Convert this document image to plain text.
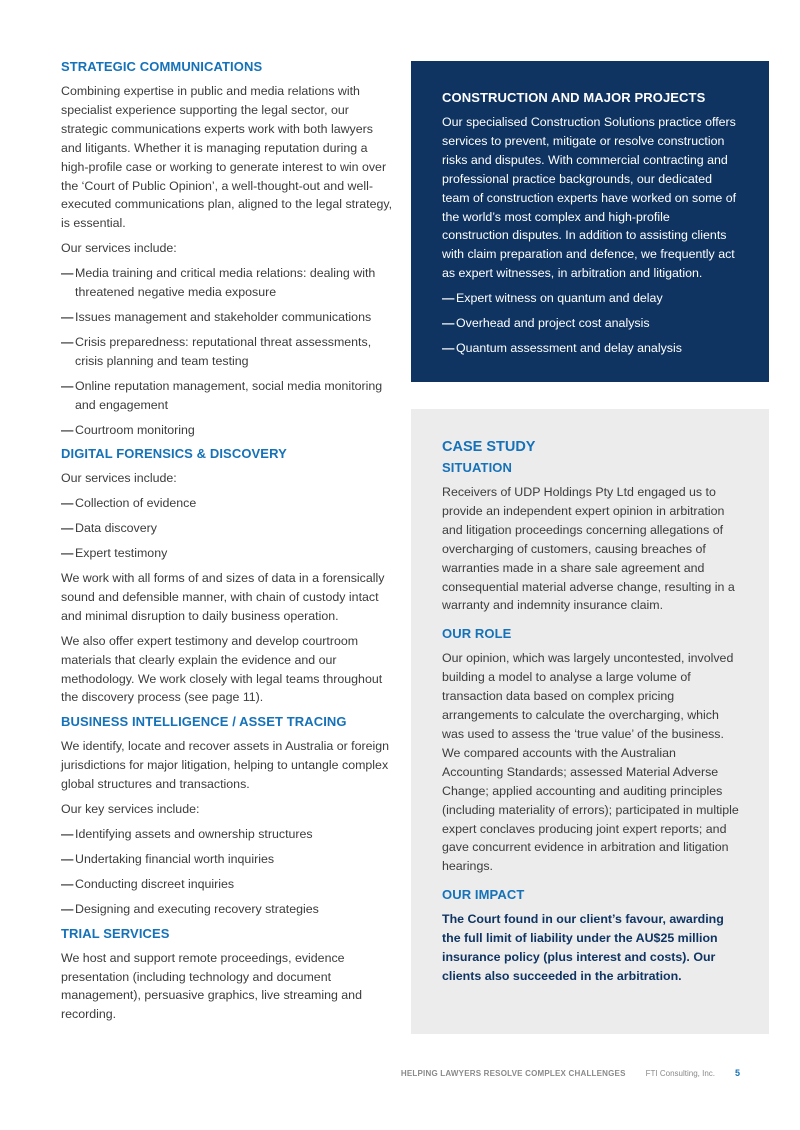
STRATEGIC COMMUNICATIONS

Combining expertise in public and media relations with specialist experience supporting the legal sector, our strategic communications experts work with both lawyers and litigants. Whether it is managing reputation during a high-profile case or working to generate interest to win over the ‘Court of Public Opinion’, a well-thought-out and well-executed communications plan, aligned to the legal strategy, is essential.

Our services include:

— Media training and critical media relations: dealing with threatened negative media exposure
— Issues management and stakeholder communications
— Crisis preparedness: reputational threat assessments, crisis planning and team testing
— Online reputation management, social media monitoring and engagement
— Courtroom monitoring
DIGITAL FORENSICS & DISCOVERY

Our services include:

— Collection of evidence
— Data discovery
— Expert testimony

We work with all forms of and sizes of data in a forensically sound and defensible manner, with chain of custody intact and minimal disruption to daily business operation.

We also offer expert testimony and develop courtroom materials that clearly explain the evidence and our methodology. We work closely with legal teams throughout the discovery process (see page 11).

BUSINESS INTELLIGENCE / ASSET TRACING

We identify, locate and recover assets in Australia or foreign jurisdictions for major litigation, helping to untangle complex global structures and transactions.

Our key services include:

— Identifying assets and ownership structures
— Undertaking financial worth inquiries
— Conducting discreet inquiries
— Designing and executing recovery strategies
TRIAL SERVICES

We host and support remote proceedings, evidence presentation (including technology and document management), persuasive graphics, live streaming and recording.

CONSTRUCTION AND MAJOR PROJECTS

Our specialised Construction Solutions practice offers services to prevent, mitigate or resolve construction risks and disputes. With commercial contracting and professional practice backgrounds, our dedicated team of construction experts have worked on some of the world’s most complex and high-profile construction disputes. In addition to assisting clients with claim preparation and defence, we frequently act as expert witnesses, in arbitration and litigation.

— Expert witness on quantum and delay
— Overhead and project cost analysis
— Quantum assessment and delay analysis
CASE STUDY
SITUATION

Receivers of UDP Holdings Pty Ltd engaged us to provide an independent expert opinion in arbitration and litigation proceedings concerning allegations of overcharging of customers, causing breaches of warranties made in a share sale agreement and consequential material adverse change, resulting in a warranty and indemnity insurance claim.

OUR ROLE

Our opinion, which was largely uncontested, involved building a model to analyse a large volume of transaction data based on complex pricing arrangements to calculate the overcharging, which was used to assess the ‘true value’ of the business. We compared accounts with the Australian Accounting Standards; assessed Material Adverse Change; applied accounting and auditing principles (including materiality of errors); participated in multiple expert conclaves producing joint expert reports; and gave concurrent evidence in arbitration and litigation hearings.

OUR IMPACT

The Court found in our client’s favour, awarding the full limit of liability under the AU$25 million insurance policy (plus interest and costs). Our clients also succeeded in the arbitration.

HELPING LAWYERS RESOLVE COMPLEX CHALLENGES	FTI Consulting, Inc. 5
